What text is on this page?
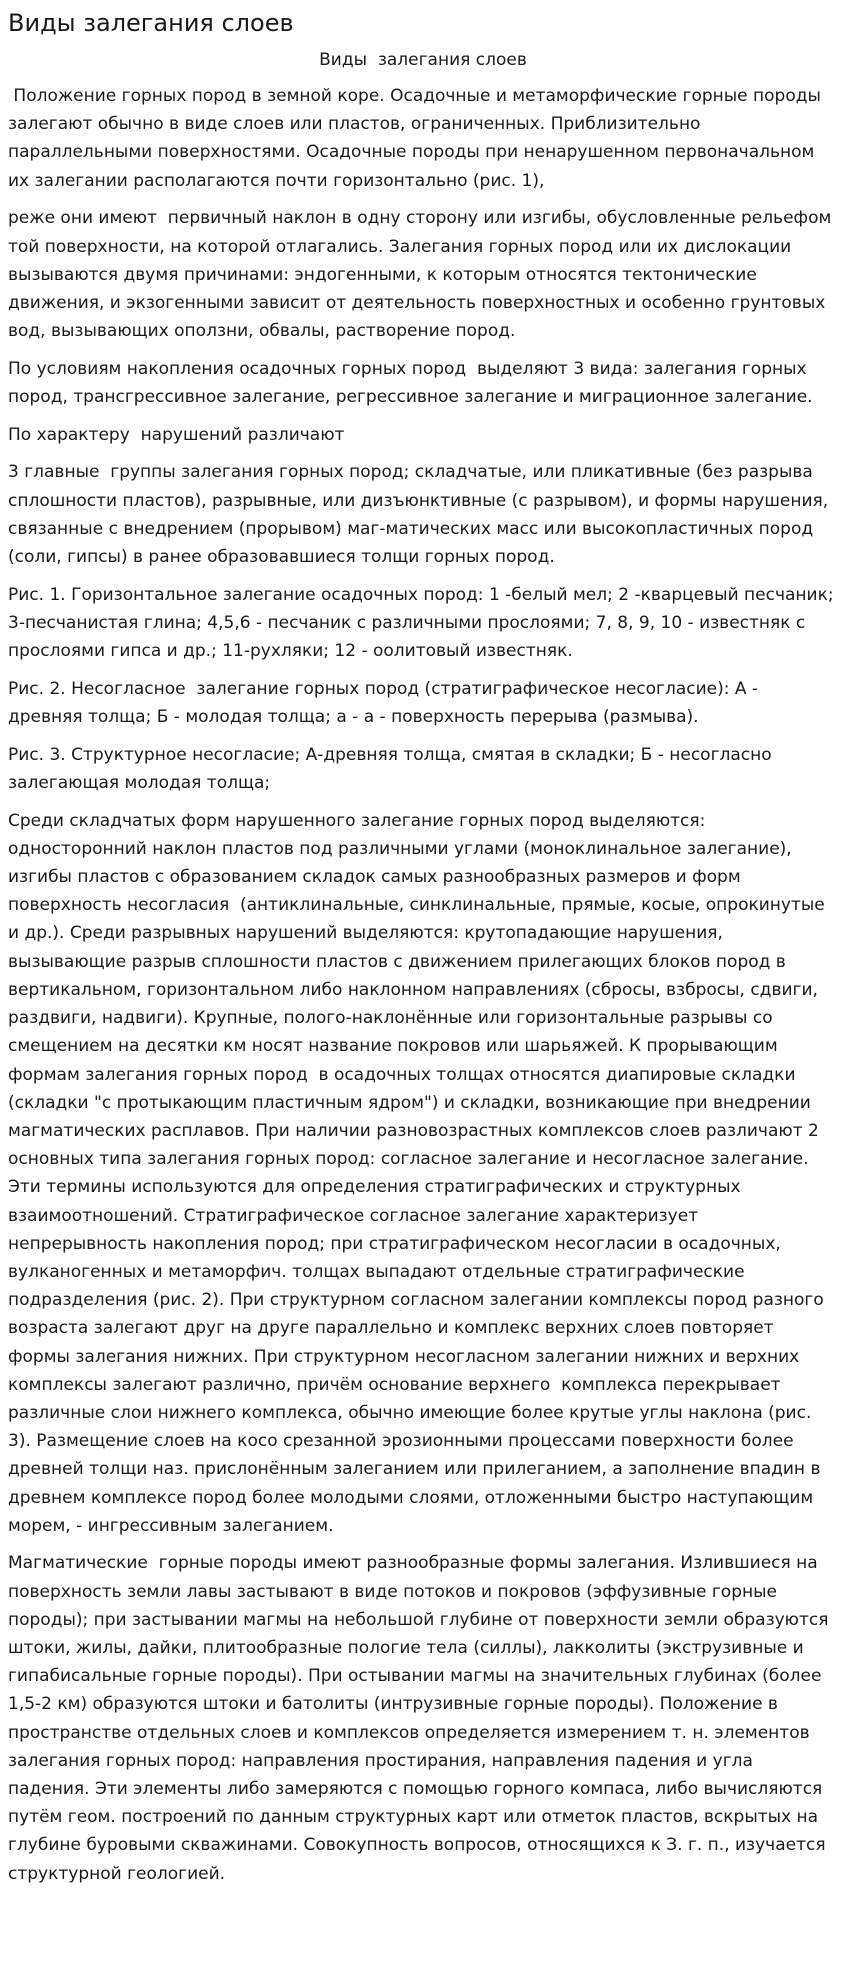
Виды залегания слоев
Виды  залегания слоев

Положение горных пород в земной коре. Осадочные и метаморфические горные породы залегают обычно в виде слоев или пластов, ограниченных. Приблизительно параллельными поверхностями. Осадочные породы при ненарушенном первоначальном их залегании располагаются почти горизонтально (рис. 1),

реже они имеют  первичный наклон в одну сторону или изгибы, обусловленные рельефом той поверхности, на которой отлагались. Залегания горных пород или их дислокации вызываются двумя причинами: эндогенными, к которым относятся тектонические движения, и экзогенными зависит от деятельность поверхностных и особенно грунтовых вод, вызывающих оползни, обвалы, растворение пород.

По условиям накопления осадочных горных пород  выделяют 3 вида: залегания горных пород, трансгрессивное залегание, регрессивное залегание и миграционное залегание.

По характеру  нарушений различают

3 главные  группы залегания горных пород; складчатые, или пликативные (без разрыва сплошности пластов), разрывные, или дизъюнктивные (с разрывом), и формы нарушения, связанные с внедрением (прорывом) маг-матических масс или высокопластичных пород (соли, гипсы) в ранее образовавшиеся толщи горных пород.

Рис. 1. Горизонтальное залегание осадочных пород: 1 -белый мел; 2 -кварцевый песчаник; 3-песчанистая глина; 4,5,6 - песчаник с различными прослоями; 7, 8, 9, 10 - известняк с прослоями гипса и др.; 11-рухляки; 12 - оолитовый известняк.

Рис. 2. Несогласное  залегание горных пород (стратиграфическое несогласие): А - древняя толща; Б - молодая толща; а - а - поверхность перерыва (размыва).

Рис. 3. Структурное несогласие; А-древняя толща, смятая в складки; Б - несогласно залегающая молодая толща;

Среди складчатых форм нарушенного залегание горных пород выделяются: односторонний наклон пластов под различными углами (моноклинальное залегание), изгибы пластов с образованием складок самых разнообразных размеров и форм поверхность несогласия  (антиклинальные, синклинальные, прямые, косые, опрокинутые и др.). Среди разрывных нарушений выделяются: крутопадающие нарушения, вызывающие разрыв сплошности пластов с движением прилегающих блоков пород в вертикальном, горизонтальном либо наклонном направлениях (сбросы, взбросы, сдвиги, раздвиги, надвиги). Крупные, полого-наклонённые или горизонтальные разрывы со смещением на десятки км носят название покровов или шарьяжей. К прорывающим формам залегания горных пород  в осадочных толщах относятся диапировые складки (складки "с протыкающим пластичным ядром") и складки, возникающие при внедрении магматических расплавов. При наличии разновозрастных комплексов слоев различают 2 основных типа залегания горных пород: согласное залегание и несогласное залегание. Эти термины используются для определения стратиграфических и структурных взаимоотношений. Стратиграфическое согласное залегание характеризует непрерывность накопления пород; при стратиграфическом несогласии в осадочных, вулканогенных и метаморфич. толщах выпадают отдельные стратиграфические подразделения (рис. 2). При структурном согласном залегании комплексы пород разного возраста залегают друг на друге параллельно и комплекс верхних слоев повторяет формы залегания нижних. При структурном несогласном залегании нижних и верхних комплексы залегают различно, причём основание верхнего  комплекса перекрывает различные слои нижнего комплекса, обычно имеющие более крутые углы наклона (рис. 3). Размещение слоев на косо срезанной эрозионными процессами поверхности более древней толщи наз. прислонённым залеганием или прилеганием, а заполнение впадин в древнем комплексе пород более молодыми слоями, отложенными быстро наступающим морем, - ингрессивным залеганием.

Магматические  горные породы имеют разнообразные формы залегания. Излившиеся на поверхность земли лавы застывают в виде потоков и покровов (эффузивные горные породы); при застывании магмы на небольшой глубине от поверхности земли образуются штоки, жилы, дайки, плитообразные пологие тела (силлы), лакколиты (экструзивные и гипабисальные горные породы). При остывании магмы на значительных глубинах (более 1,5-2 км) образуются штоки и батолиты (интрузивные горные породы). Положение в пространстве отдельных слоев и комплексов определяется измерением т. н. элементов залегания горных пород: направления простирания, направления падения и угла падения. Эти элементы либо замеряются с помощью горного компаса, либо вычисляются путём геом. построений по данным структурных карт или отметок пластов, вскрытых на глубине буровыми скважинами. Совокупность вопросов, относящихся к З. г. п., изучается структурной геологией.
